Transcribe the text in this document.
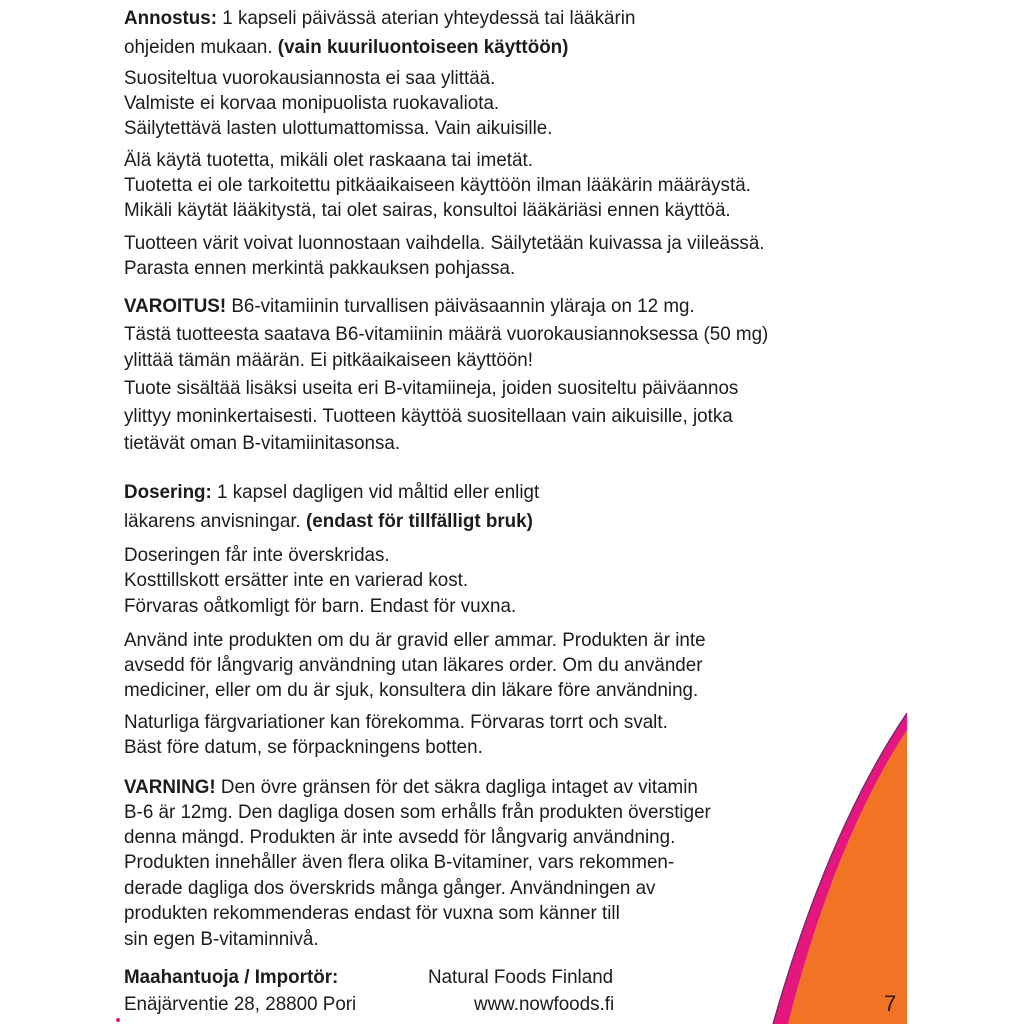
Annostus: 1 kapseli päivässä aterian yhteydessä tai lääkärin
ohjeiden mukaan. (vain kuuriluontoiseen käyttöön)
Suositeltua vuorokausiannosta ei saa ylittää.
Valmiste ei korvaa monipuolista ruokavaliota.
Säilytettävä lasten ulottumattomissa. Vain aikuisille.
Älä käytä tuotetta, mikäli olet raskaana tai imetät.
Tuotetta ei ole tarkoitettu pitkäaikaiseen käyttöön ilman lääkärin määräystä.
Mikäli käytät lääkitystä, tai olet sairas, konsultoi lääkäriäsi ennen käyttöä.
Tuotteen värit voivat luonnostaan vaihdella. Säilytetään kuivassa ja viileässä.
Parasta ennen merkintä pakkauksen pohjassa.
VAROITUS! B6-vitamiinin turvallisen päiväsaannin yläraja on 12 mg.
Tästä tuotteesta saatava B6-vitamiinin määrä vuorokausiannoksessa (50 mg)
ylittää tämän määrän. Ei pitkäaikaiseen käyttöön!
Tuote sisältää lisäksi useita eri B-vitamiineja, joiden suositeltu päiväannos
ylittyy moninkertaisesti. Tuotteen käyttöä suositellaan vain aikuisille, jotka
tietävät oman B-vitamiinitasonsa.
Dosering: 1 kapsel dagligen vid måltid eller enligt
läkarens anvisningar. (endast för tillfälligt bruk)
Doseringen får inte överskridas.
Kosttillskott ersätter inte en varierad kost.
Förvaras oåtkomligt för barn. Endast för vuxna.
Använd inte produkten om du är gravid eller ammar. Produkten är inte
avsedd för långvarig användning utan läkares order. Om du använder
mediciner, eller om du är sjuk, konsultera din läkare före användning.
Naturliga färgvariationer kan förekomma. Förvaras torrt och svalt.
Bäst före datum, se förpackningens botten.
VARNING! Den övre gränsen för det säkra dagliga intaget av vitamin
B-6 är 12mg. Den dagliga dosen som erhålls från produkten överstiger
denna mängd. Produkten är inte avsedd för långvarig användning.
Produkten innehåller även flera olika B-vitaminer, vars rekommen-
derade dagliga dos överskrids många gånger. Användningen av
produkten rekommenderas endast för vuxna som känner till
sin egen B-vitaminnivå.
Maahantuoja / Importör:	Natural Foods Finland
Enäjärventie 28, 28800 Pori	www.nowfoods.fi	7
